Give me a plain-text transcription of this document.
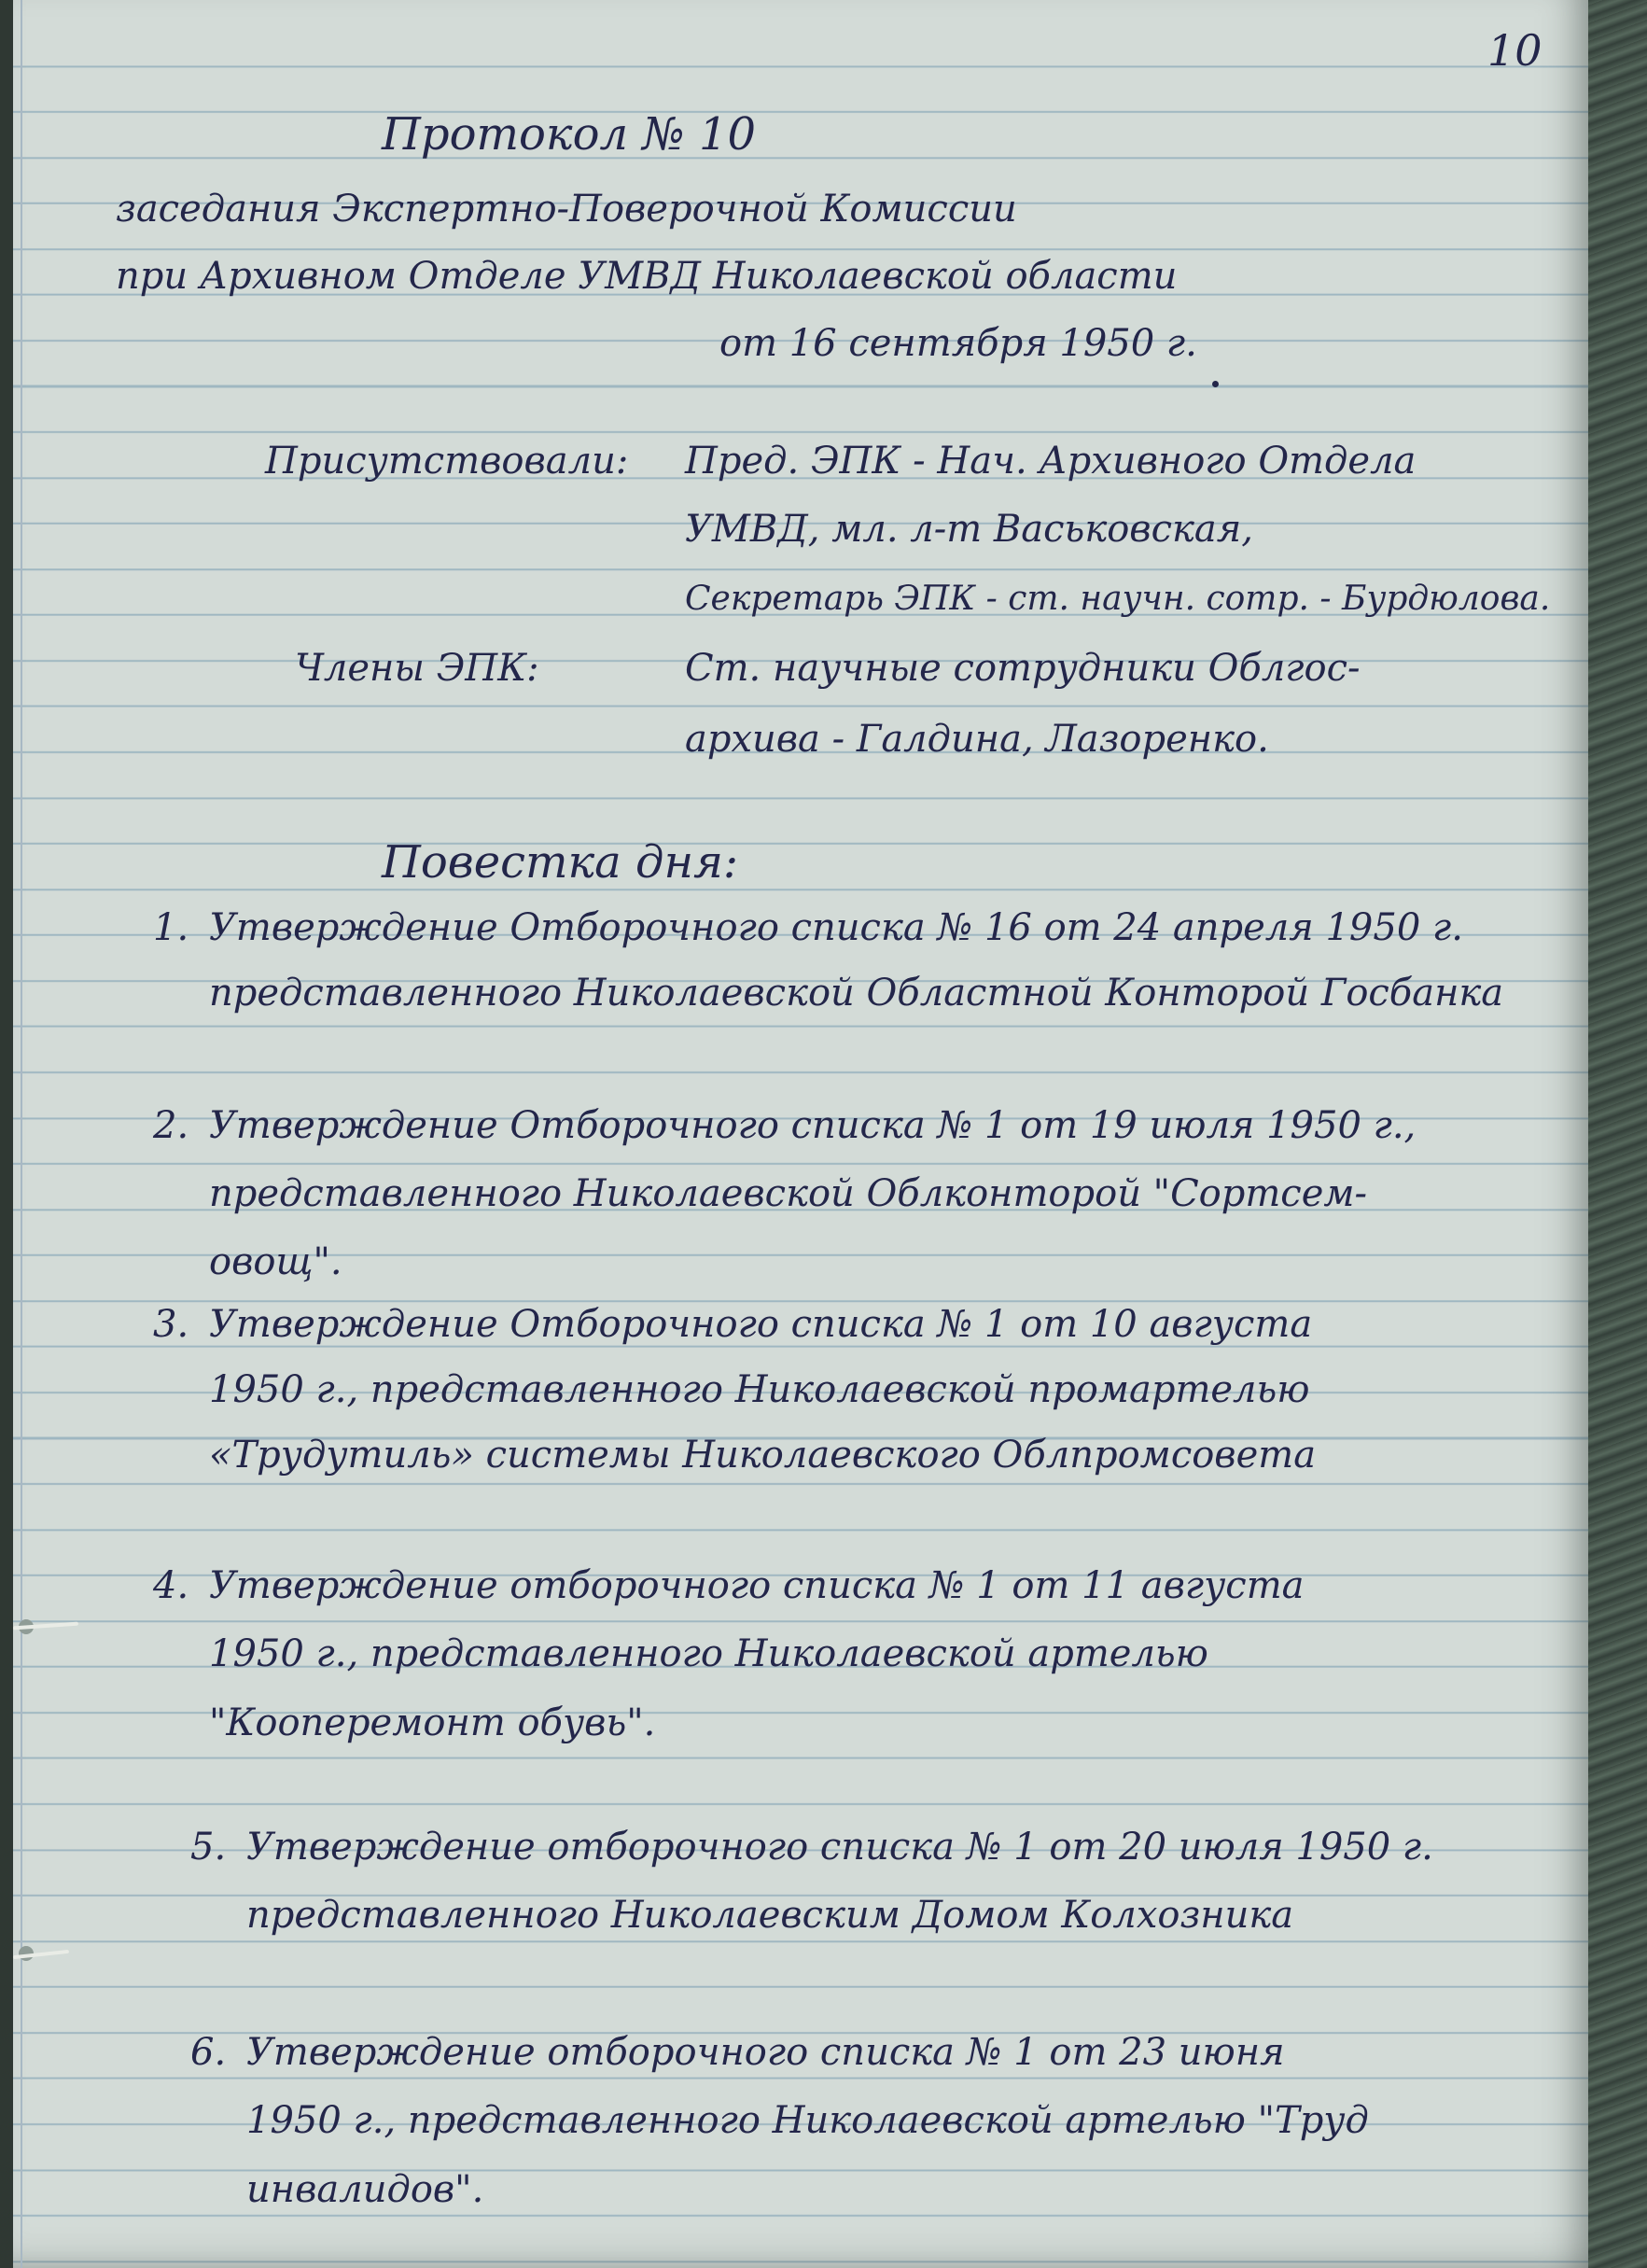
10
Протокол № 10
заседания Экспертно-Поверочной Комиссии
при Архивном Отделе УМВД Николаевской области
от 16 сентября 1950 г.
Присутствовали: Пред. ЭПК - Нач. Архивного Отдела
УМВД, мл. л-т Васьковская,
Секретарь ЭПК - ст. научн. сотр. - Бурдюлова.
Члены ЭПК:	Ст. научные сотрудники Облгос-
архива - Галдина, Лазоренко.
Повестка дня:
1. Утверждение Отборочного списка № 16 от 24 апреля 1950 г.
представленного Николаевской Областной Конторой Госбанка
2. Утверждение Отборочного списка № 1 от 19 июля 1950 г.,
представленного Николаевской Облконторой "Сортсем-
овощ".
3. Утверждение Отборочного списка № 1 от 10 августа
1950 г., представленного Николаевской промартелью
«Трудутиль» системы Николаевского Облпромсовета
4. Утверждение отборочного списка № 1 от 11 августа
1950 г., представленного Николаевской артелью
"Кооперемонт обувь".
5. Утверждение отборочного списка № 1 от 20 июля 1950 г.
представленного Николаевским Домом Колхозника
6. Утверждение отборочного списка № 1 от 23 июня
1950 г., представленного Николаевской артелью "Труд
инвалидов".
